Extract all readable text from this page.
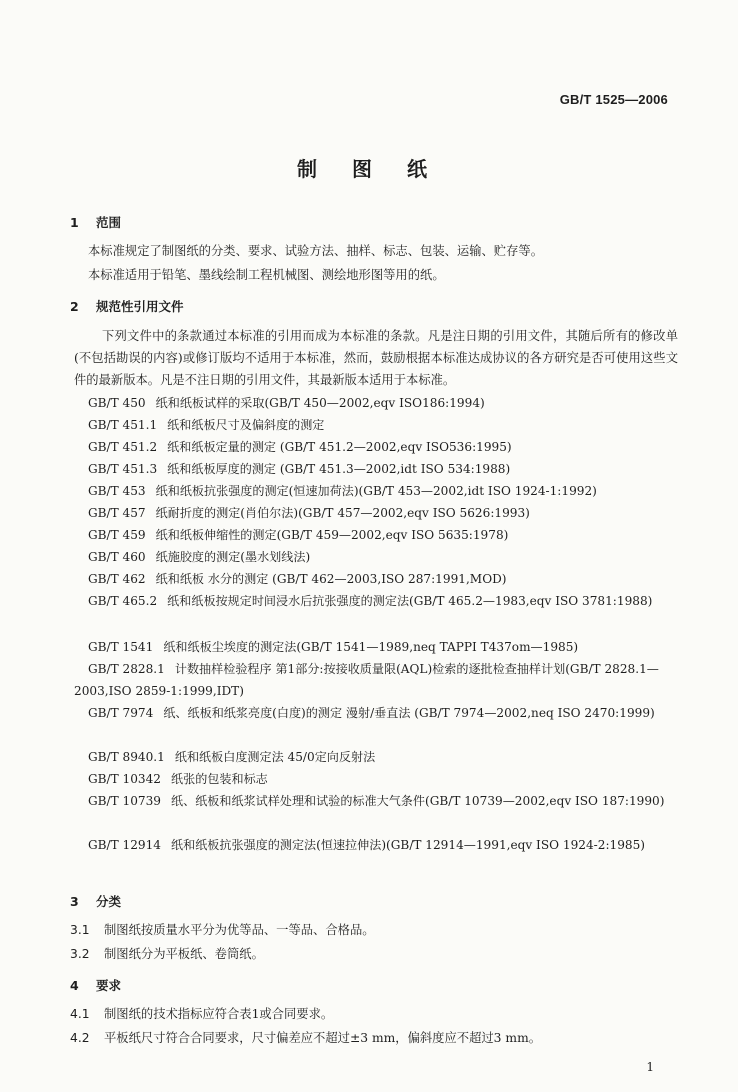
GB/T 1525—2006
制 图 纸
1 范围
本标准规定了制图纸的分类、要求、试验方法、抽样、标志、包装、运输、贮存等。
本标准适用于铅笔、墨线绘制工程机械图、测绘地形图等用的纸。
2 规范性引用文件
下列文件中的条款通过本标准的引用而成为本标准的条款。凡是注日期的引用文件，其随后所有的修改单(不包括勘误的内容)或修订版均不适用于本标准，然而，鼓励根据本标准达成协议的各方研究是否可使用这些文件的最新版本。凡是不注日期的引用文件，其最新版本适用于本标准。
GB/T 450 纸和纸板试样的采取(GB/T 450—2002,eqv ISO186:1994)
GB/T 451.1 纸和纸板尺寸及偏斜度的测定
GB/T 451.2 纸和纸板定量的测定 (GB/T 451.2—2002,eqv ISO536:1995)
GB/T 451.3 纸和纸板厚度的测定 (GB/T 451.3—2002,idt ISO 534:1988)
GB/T 453 纸和纸板抗张强度的测定(恒速加荷法)(GB/T 453—2002,idt ISO 1924-1:1992)
GB/T 457 纸耐折度的测定(肖伯尔法)(GB/T 457—2002,eqv ISO 5626:1993)
GB/T 459 纸和纸板伸缩性的测定(GB/T 459—2002,eqv ISO 5635:1978)
GB/T 460 纸施胶度的测定(墨水划线法)
GB/T 462 纸和纸板 水分的测定 (GB/T 462—2003,ISO 287:1991,MOD)
GB/T 465.2 纸和纸板按规定时间浸水后抗张强度的测定法(GB/T 465.2—1983,eqv ISO 3781:1988)
GB/T 1541 纸和纸板尘埃度的测定法(GB/T 1541—1989,neq TAPPI T437om—1985)
GB/T 2828.1 计数抽样检验程序 第1部分:按接收质量限(AQL)检索的逐批检查抽样计划(GB/T 2828.1—2003,ISO 2859-1:1999,IDT)
GB/T 7974 纸、纸板和纸浆亮度(白度)的测定 漫射/垂直法 (GB/T 7974—2002,neq ISO 2470:1999)
GB/T 8940.1 纸和纸板白度测定法 45/0定向反射法
GB/T 10342 纸张的包装和标志
GB/T 10739 纸、纸板和纸浆试样处理和试验的标准大气条件(GB/T 10739—2002,eqv ISO 187:1990)
GB/T 12914 纸和纸板抗张强度的测定法(恒速拉伸法)(GB/T 12914—1991,eqv ISO 1924-2:1985)
3 分类
3.1 制图纸按质量水平分为优等品、一等品、合格品。
3.2 制图纸分为平板纸、卷筒纸。
4 要求
4.1 制图纸的技术指标应符合表1或合同要求。
4.2 平板纸尺寸符合合同要求，尺寸偏差应不超过±3 mm，偏斜度应不超过3 mm。
1
